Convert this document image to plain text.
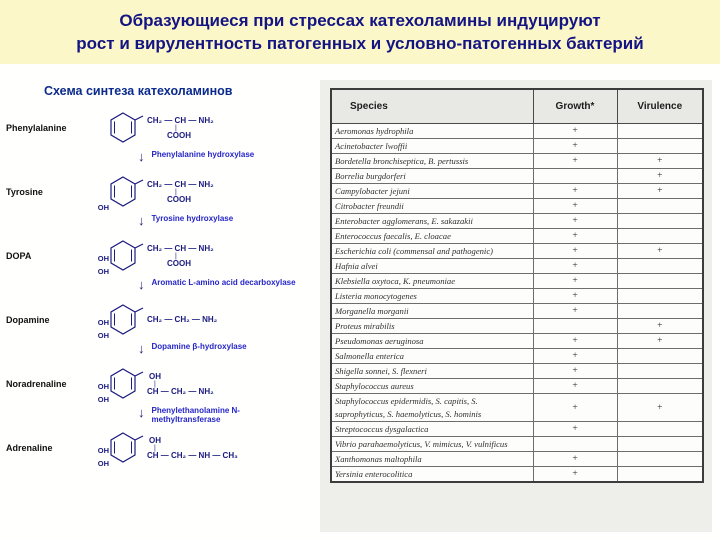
Образующиеся при стрессах катехоламины индуцируют
рост и вирулентность патогенных и условно-патогенных бактерий
Схема синтеза катехоламинов
Phenylalanine
CH₂ — CH — NH₂
| COOH
↓ Phenylalanine hydroxylase
Tyrosine
OH
CH₂ — CH — NH₂
| COOH
↓ Tyrosine hydroxylase
DOPA	OH
OH
CH₂ — CH — NH₂
| COOH
↓ Aromatic L-amino acid decarboxylase
Dopamine	OH
OH
CH₂ — CH₂ — NH₂
↓ Dopamine β-hydroxylase
Noradrenaline	OH
OH
OH |
CH — CH₂ — NH₂
↓ Phenylethanolamine N-methyltransferase
Adrenaline	OH
OH
OH |
CH — CH₂ — NH — CH₃
Species	Growth*	Virulence
Aeromonas hydrophila	+	
Acinetobacter lwoffii	+	
Bordetella bronchiseptica, B. pertussis	+	+
Borrelia burgdorferi		+
Campylobacter jejuni	+	+
Citrobacter freundii	+	
Enterobacter agglomerans, E. sakazakii	+	
Enterococcus faecalis, E. cloacae	+	
Escherichia coli (commensal and pathogenic)	+	+
Hafnia alvei	+	
Klebsiella oxytoca, K. pneumoniae	+	
Listeria monocytogenes	+	
Morganella morganii	+	
Proteus mirabilis		+
Pseudomonas aeruginosa	+	+
Salmonella enterica	+	
Shigella sonnei, S. flexneri	+	
Staphylococcus aureus	+	
Staphylococcus epidermidis, S. capitis, S. saprophyticus, S. haemolyticus, S. hominis	+	+
Streptococcus dysgalactica	+	
Vibrio parahaemolyticus, V. mimicus, V. vulnificus		
Xanthomonas maltophila	+	
Yersinia enterocolitica	+	
